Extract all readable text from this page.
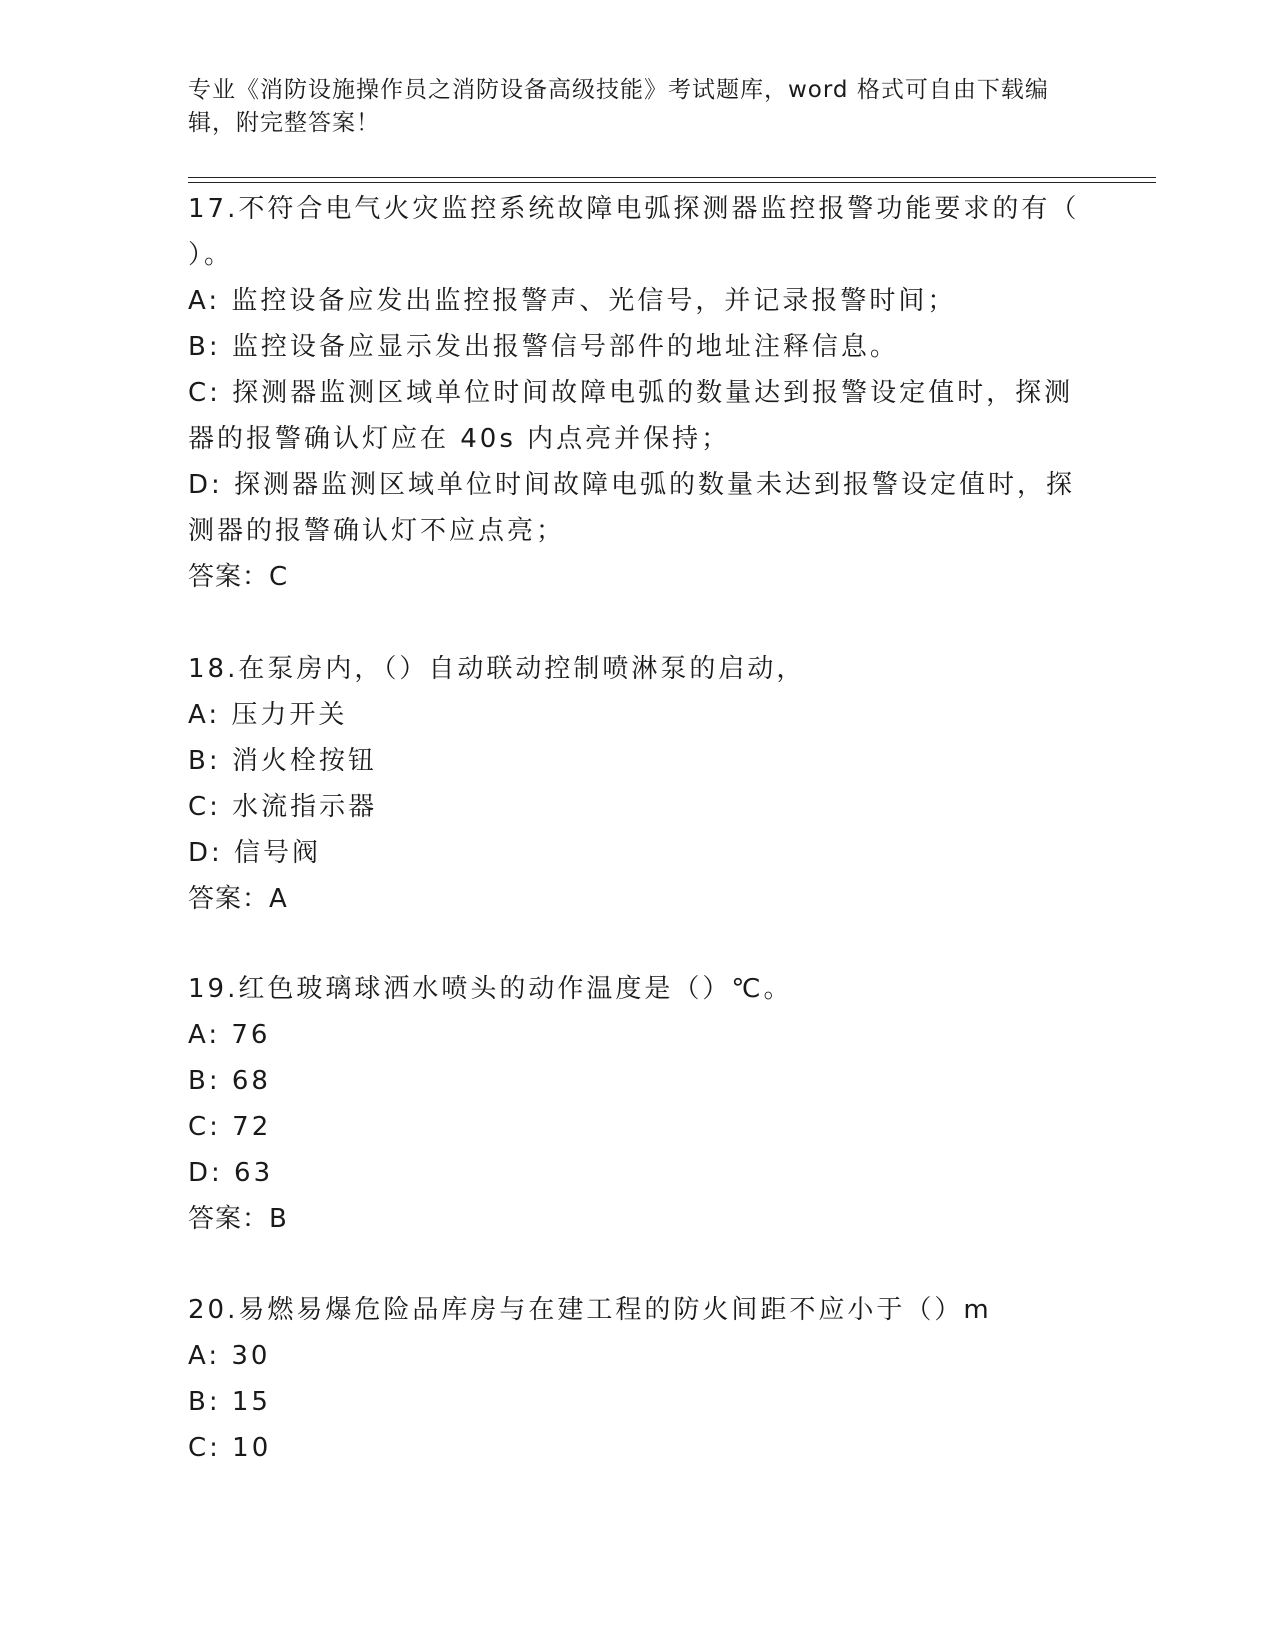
专业《消防设施操作员之消防设备高级技能》考试题库，word 格式可自由下载编
辑，附完整答案！
17.不符合电气火灾监控系统故障电弧探测器监控报警功能要求的有（
）。
A: 监控设备应发出监控报警声、光信号，并记录报警时间；
B: 监控设备应显示发出报警信号部件的地址注释信息。
C: 探测器监测区域单位时间故障电弧的数量达到报警设定值时，探测
器的报警确认灯应在 40s 内点亮并保持；
D: 探测器监测区域单位时间故障电弧的数量未达到报警设定值时，探
测器的报警确认灯不应点亮；
答案：C
18.在泵房内，（）自动联动控制喷淋泵的启动，
A: 压力开关
B: 消火栓按钮
C: 水流指示器
D: 信号阀
答案：A
19.红色玻璃球洒水喷头的动作温度是（）℃。
A: 76
B: 68
C: 72
D: 63
答案：B
20.易燃易爆危险品库房与在建工程的防火间距不应小于（）m
A: 30
B: 15
C: 10
